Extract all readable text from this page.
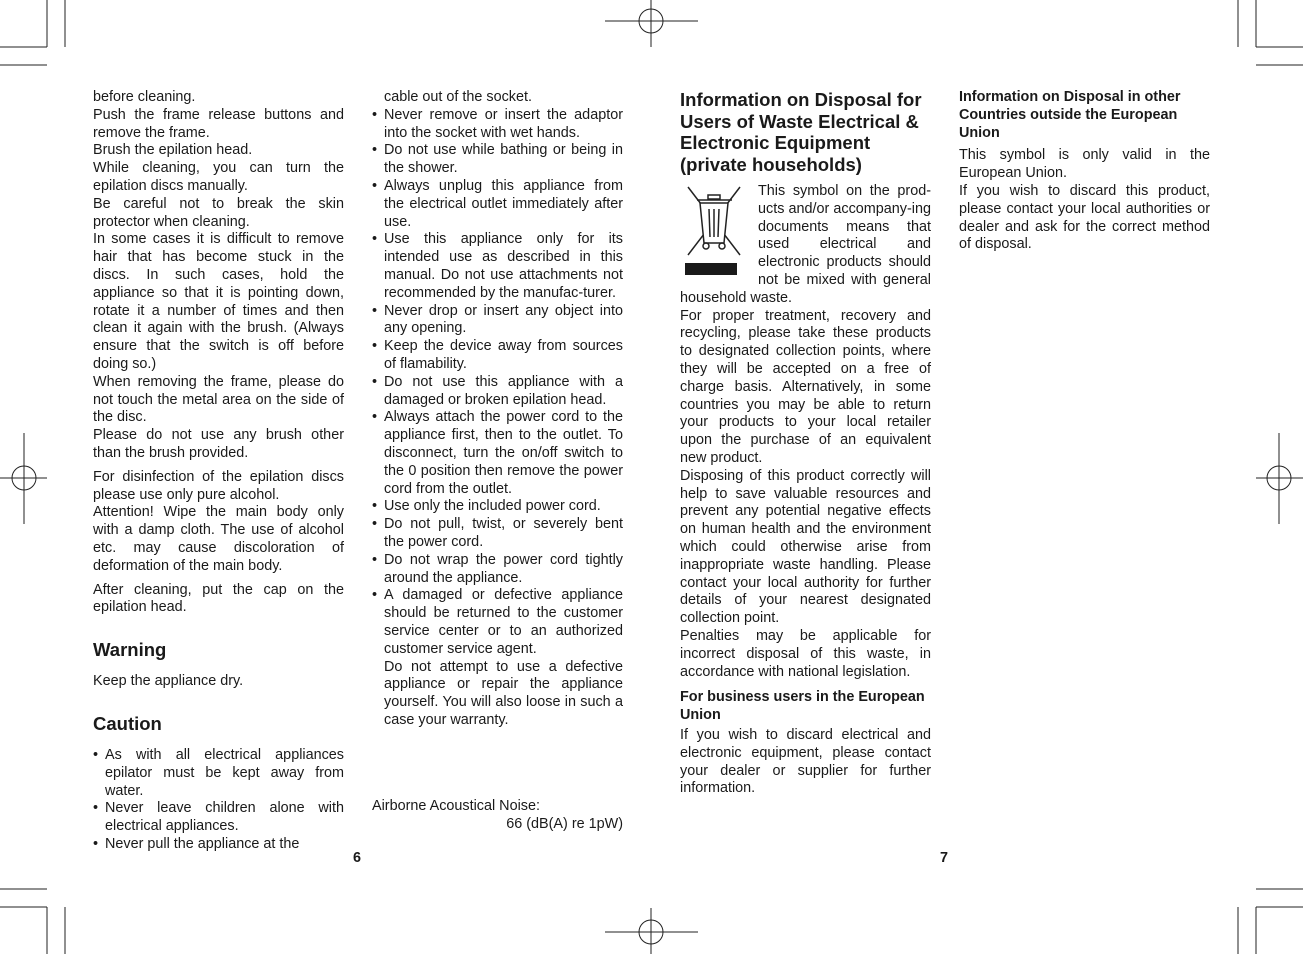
before cleaning.

Push the frame release buttons and remove the frame.

Brush the epilation head.

While cleaning, you can turn the epilation discs manually.

Be careful not to break the skin protector when cleaning.

In some cases it is difficult to remove hair that has become stuck in the discs. In such cases, hold the appliance so that it is pointing down, rotate it a number of times and then clean it again with the brush. (Always ensure that the switch is off before doing so.)

When removing the frame, please do not touch the metal area on the side of the disc.

Please do not use any brush other than the brush provided.

For disinfection of the epilation discs please use only pure alcohol.

Attention! Wipe the main body only with a damp cloth. The use of alcohol etc. may cause discoloration of deformation of the main body.

After cleaning, put the cap on the epilation head.

Warning

Keep the appliance dry.

Caution
• As with all electrical appliances epilator must be kept away from water.
• Never leave children alone with electrical appliances.
• Never pull the appliance at the

cable out of the socket.

• Never remove or insert the adaptor into the socket with wet hands.
• Do not use while bathing or being in the shower.
• Always unplug this appliance from the electrical outlet immediately after use.
• Use this appliance only for its intended use as described in this manual. Do not use attachments not recommended by the manufac-turer.
• Never drop or insert any object into any opening.
• Keep the device away from sources of flamability.
• Do not use this appliance with a damaged or broken epilation head.
• Always attach the power cord to the appliance first, then to the outlet. To disconnect, turn the on/off switch to the 0 position then remove the power cord from the outlet.
• Use only the included power cord.
• Do not pull, twist, or severely bent the power cord.
• Do not wrap the power cord tightly around the appliance.
• A damaged or defective appliance should be returned to the customer service center or to an authorized customer service agent.

Do not attempt to use a defective appliance or repair the appliance yourself. You will also loose in such a case your warranty.

Airborne Acoustical Noise:
66 (dB(A) re 1pW)
6
Information on Disposal for Users of Waste Electrical & Electronic Equipment (private households)

This symbol on the prod-ucts and/or accompany-ing documents means that used electrical and electronic products should not be mixed with general household waste.

For proper treatment, recovery and recycling, please take these products to designated collection points, where they will be accepted on a free of charge basis. Alternatively, in some countries you may be able to return your products to your local retailer upon the purchase of an equivalent new product.

Disposing of this product correctly will help to save valuable resources and prevent any potential negative effects on human health and the environment which could otherwise arise from inappropriate waste handling. Please contact your local authority for further details of your nearest designated collection point.

Penalties may be applicable for incorrect disposal of this waste, in accordance with national legislation.

For business users in the European Union

If you wish to discard electrical and electronic equipment, please contact your dealer or supplier for further information.

Information on Disposal in other Countries outside the European Union

This symbol is only valid in the European Union.

If you wish to discard this product, please contact your local authorities or dealer and ask for the correct method of disposal.

7
